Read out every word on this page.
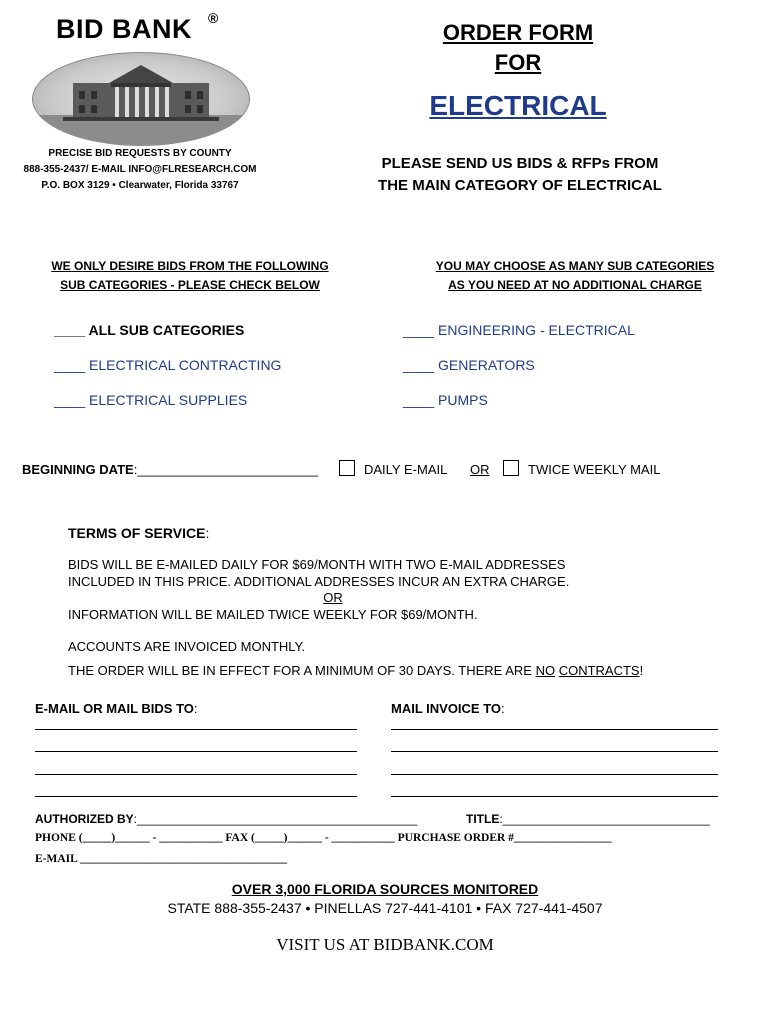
BID BANK ®
PRECISE BID REQUESTS BY COUNTY
888-355-2437/ E-MAIL INFO@FLRESEARCH.COM
P.O. BOX 3129 • Clearwater, Florida 33767
ORDER FORM
FOR
ELECTRICAL
PLEASE SEND US BIDS & RFPs FROM
THE MAIN CATEGORY OF ELECTRICAL
WE ONLY DESIRE BIDS FROM THE FOLLOWING
SUB CATEGORIES - PLEASE CHECK BELOW
YOU MAY CHOOSE AS MANY SUB CATEGORIES
AS YOU NEED AT NO ADDITIONAL CHARGE
____ ALL SUB CATEGORIES
____ ELECTRICAL CONTRACTING
____ ELECTRICAL SUPPLIES
____ ENGINEERING - ELECTRICAL
____ GENERATORS
____ PUMPS
BEGINNING DATE:_________________________	DAILY E-MAIL OR	TWICE WEEKLY MAIL
TERMS OF SERVICE:
BIDS WILL BE E-MAILED DAILY FOR $69/MONTH WITH TWO E-MAIL ADDRESSES
INCLUDED IN THIS PRICE. ADDITIONAL ADDRESSES INCUR AN EXTRA CHARGE.
OR
INFORMATION WILL BE MAILED TWICE WEEKLY FOR $69/MONTH.
ACCOUNTS ARE INVOICED MONTHLY.
THE ORDER WILL BE IN EFFECT FOR A MINIMUM OF 30 DAYS. THERE ARE NO CONTRACTS!
E-MAIL OR MAIL BIDS TO:	MAIL INVOICE TO:
AUTHORIZED BY:__________________________________________	TITLE:_______________________________
PHONE (_____)______ - ___________ FAX (_____)______ - ___________ PURCHASE ORDER #_________________
E-MAIL ____________________________________
OVER 3,000 FLORIDA SOURCES MONITORED
STATE 888-355-2437 • PINELLAS 727-441-4101 • FAX 727-441-4507
VISIT US AT BIDBANK.COM
